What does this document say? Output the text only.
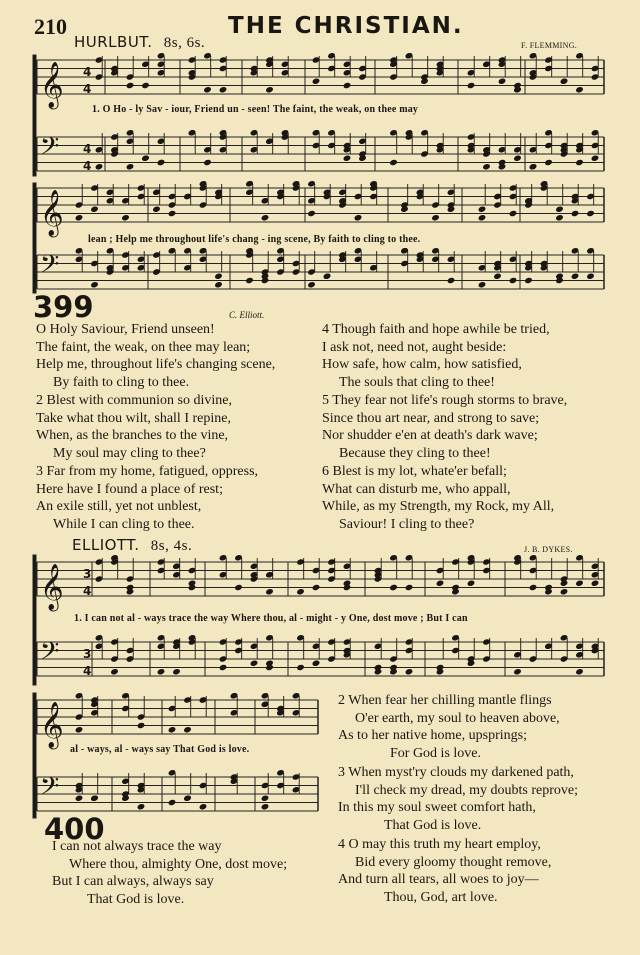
210	THE CHRISTIAN.
HURLBUT. 8s, 6s.	F. FLEMMING.
𝄞 4
4
𝄢 4
4
𝄞
𝄢
𝄞 3
4
𝄢 3
4
𝄞
𝄢
1. O Ho - ly Sav - iour, Friend un - seen! The faint, the weak, on thee may
lean ; Help me throughout life's chang - ing scene, By faith to cling to thee.
399	C. Elliott.
O Holy Saviour, Friend unseen!
The faint, the weak, on thee may lean;
Help me, throughout life's changing scene,
By faith to cling to thee.
2 Blest with communion so divine,
Take what thou wilt, shall I repine,
When, as the branches to the vine,
My soul may cling to thee?
3 Far from my home, fatigued, oppress,
Here have I found a place of rest;
An exile still, yet not unblest,
While I can cling to thee.
4 Though faith and hope awhile be tried,
I ask not, need not, aught beside:
How safe, how calm, how satisfied,
The souls that cling to thee!
5 They fear not life's rough storms to brave,
Since thou art near, and strong to save;
Nor shudder e'en at death's dark wave;
Because they cling to thee!
6 Blest is my lot, whate'er befall;
What can disturb me, who appall,
While, as my Strength, my Rock, my All,
Saviour! I cling to thee?
ELLIOTT. 8s, 4s.	J. B. DYKES.
1. I can not al - ways trace the way Where thou, al - might - y One, dost move ; But I can
al - ways, al - ways say That God is love.
400
I can not always trace the way
Where thou, almighty One, dost move;
But I can always, always say
That God is love.
2 When fear her chilling mantle flings
O'er earth, my soul to heaven above,
As to her native home, upsprings;
For God is love.
3 When myst'ry clouds my darkened path,
I'll check my dread, my doubts reprove;
In this my soul sweet comfort hath,
That God is love.
4 O may this truth my heart employ,
Bid every gloomy thought remove,
And turn all tears, all woes to joy—
Thou, God, art love.
